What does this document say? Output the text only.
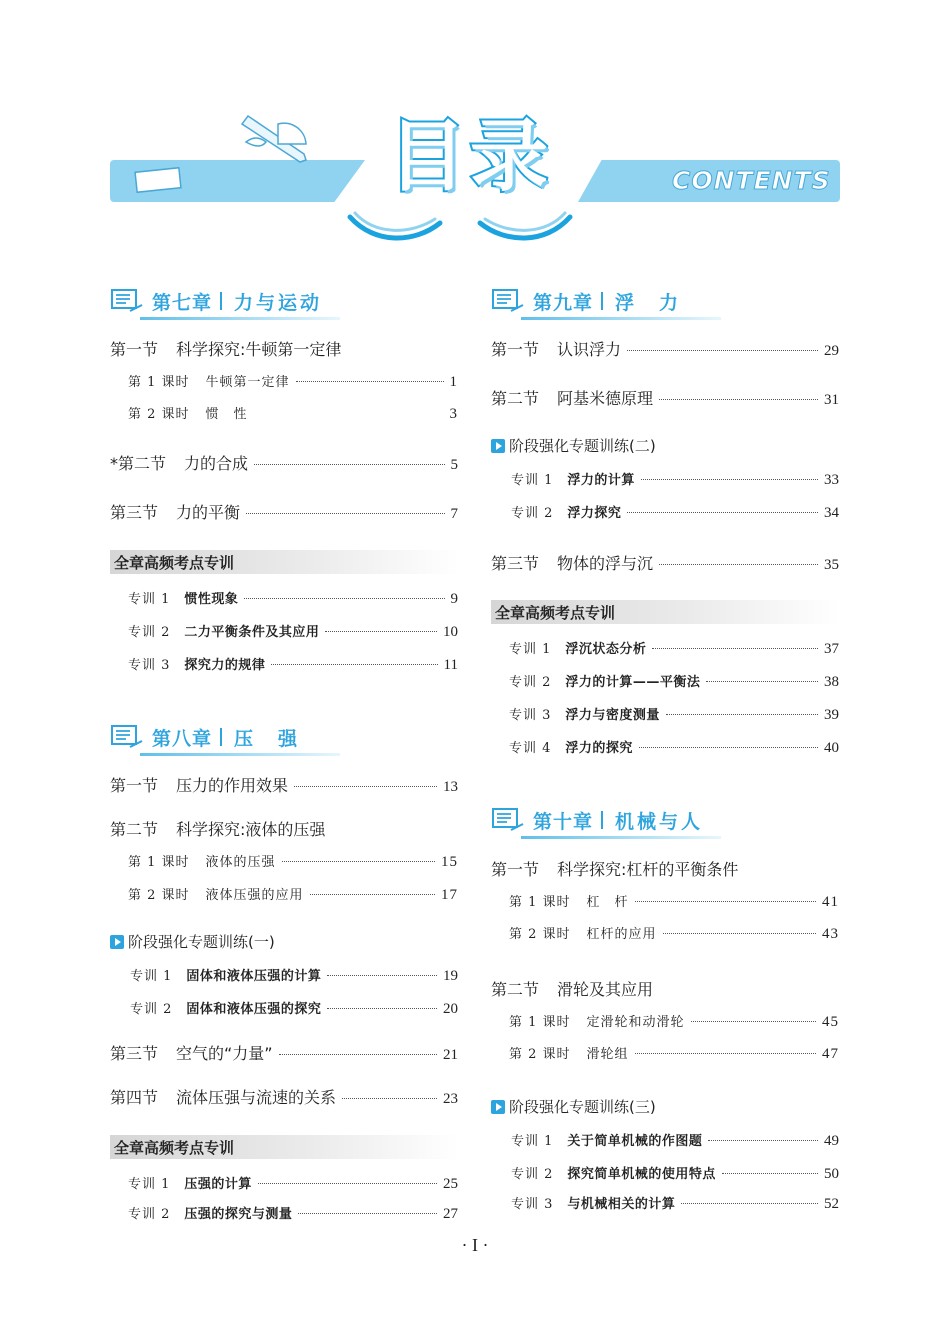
目录	CONTENTS
第七章 力与运动
第一节 科学探究:牛顿第一定律
第 1 课时 牛顿第一定律	1
第 2 课时 惯　性	3
*第二节 力的合成	5
第三节 力的平衡	7
全章高频考点专训
专训 1 惯性现象	9
专训 2 二力平衡条件及其应用	10
专训 3 探究力的规律	11
第八章 压　强
第一节 压力的作用效果	13
第二节 科学探究:液体的压强
第 1 课时 液体的压强	15
第 2 课时 液体压强的应用	17
阶段强化专题训练(一)
专训 1 固体和液体压强的计算	19
专训 2 固体和液体压强的探究	20
第三节 空气的“力量”	21
第四节 流体压强与流速的关系	23
全章高频考点专训
专训 1 压强的计算	25
专训 2 压强的探究与测量	27
第九章 浮　力
第一节 认识浮力	29
第二节 阿基米德原理	31
阶段强化专题训练(二)
专训 1 浮力的计算	33
专训 2 浮力探究	34
第三节 物体的浮与沉	35
全章高频考点专训
专训 1 浮沉状态分析	37
专训 2 浮力的计算——平衡法	38
专训 3 浮力与密度测量	39
专训 4 浮力的探究	40
第十章 机械与人
第一节 科学探究:杠杆的平衡条件
第 1 课时 杠　杆	41
第 2 课时 杠杆的应用	43
第二节 滑轮及其应用
第 1 课时 定滑轮和动滑轮	45
第 2 课时 滑轮组	47
阶段强化专题训练(三)
专训 1 关于简单机械的作图题	49
专训 2 探究简单机械的使用特点	50
专训 3 与机械相关的计算	52
· I ·
